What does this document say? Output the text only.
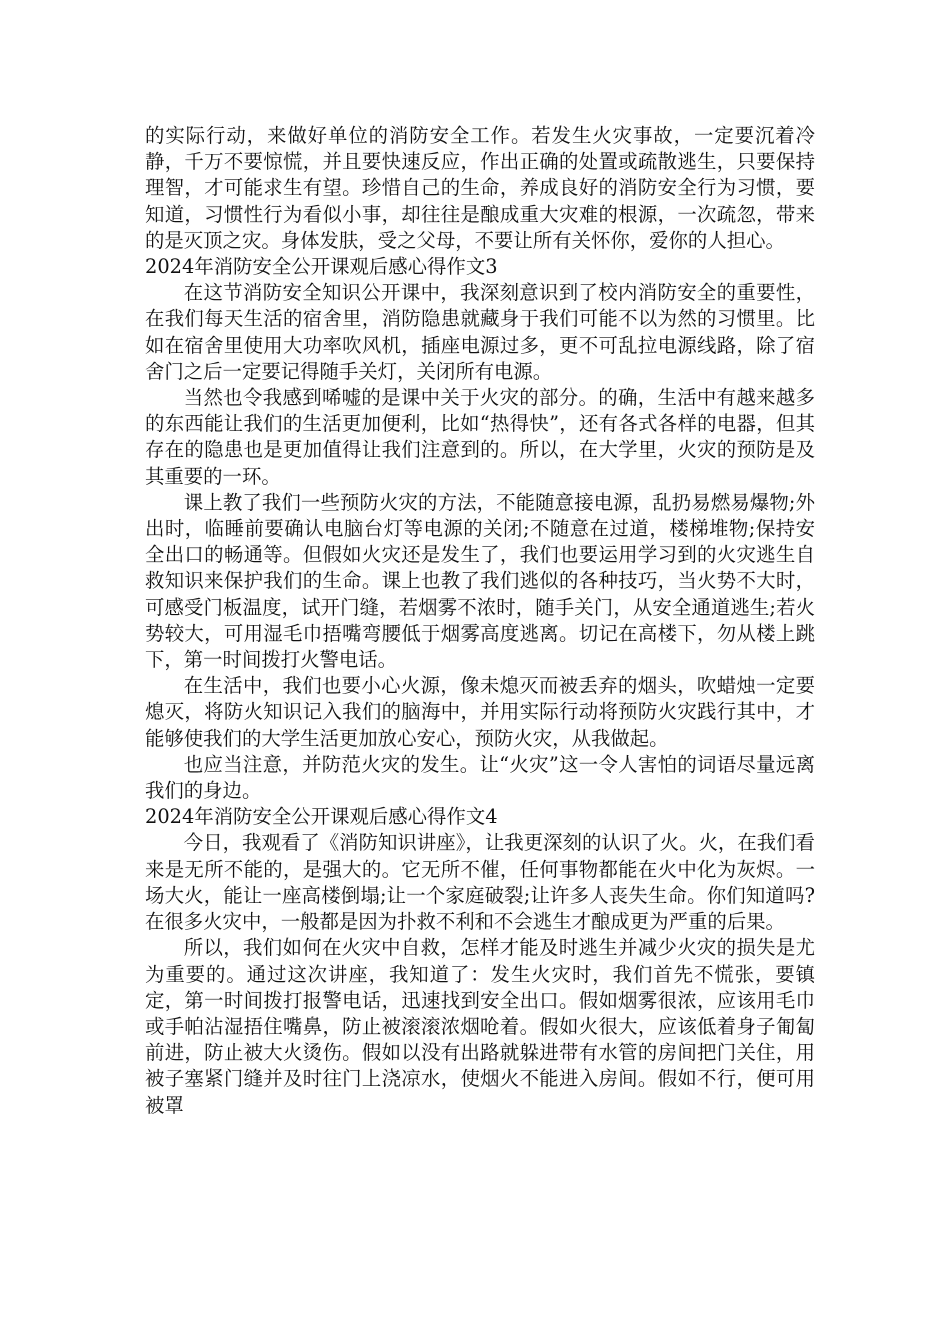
的实际行动，来做好单位的消防安全工作。若发生火灾事故，一定要沉着冷静，千万不要惊慌，并且要快速反应，作出正确的处置或疏散逃生，只要保持理智，才可能求生有望。珍惜自己的生命，养成良好的消防安全行为习惯，要知道，习惯性行为看似小事，却往往是酿成重大灾难的根源，一次疏忽，带来的是灭顶之灾。身体发肤，受之父母，不要让所有关怀你，爱你的人担心。

2024年消防安全公开课观后感心得作文3

在这节消防安全知识公开课中，我深刻意识到了校内消防安全的重要性，在我们每天生活的宿舍里，消防隐患就藏身于我们可能不以为然的习惯里。比如在宿舍里使用大功率吹风机，插座电源过多，更不可乱拉电源线路，除了宿舍门之后一定要记得随手关灯，关闭所有电源。

当然也令我感到唏嘘的是课中关于火灾的部分。的确，生活中有越来越多的东西能让我们的生活更加便利，比如“热得快”，还有各式各样的电器，但其存在的隐患也是更加值得让我们注意到的。所以，在大学里，火灾的预防是及其重要的一环。

课上教了我们一些预防火灾的方法，不能随意接电源，乱扔易燃易爆物;外出时，临睡前要确认电脑台灯等电源的关闭;不随意在过道，楼梯堆物;保持安全出口的畅通等。但假如火灾还是发生了，我们也要运用学习到的火灾逃生自救知识来保护我们的生命。课上也教了我们逃似的各种技巧，当火势不大时，可感受门板温度，试开门缝，若烟雾不浓时，随手关门，从安全通道逃生;若火势较大，可用湿毛巾捂嘴弯腰低于烟雾高度逃离。切记在高楼下，勿从楼上跳下，第一时间拨打火警电话。

在生活中，我们也要小心火源，像未熄灭而被丢弃的烟头，吹蜡烛一定要熄灭，将防火知识记入我们的脑海中，并用实际行动将预防火灾践行其中，才能够使我们的大学生活更加放心安心，预防火灾，从我做起。

也应当注意，并防范火灾的发生。让“火灾”这一令人害怕的词语尽量远离我们的身边。

2024年消防安全公开课观后感心得作文4

今日，我观看了《消防知识讲座》，让我更深刻的认识了火。火，在我们看来是无所不能的，是强大的。它无所不催，任何事物都能在火中化为灰烬。一场大火，能让一座高楼倒塌;让一个家庭破裂;让许多人丧失生命。你们知道吗?在很多火灾中，一般都是因为扑救不利和不会逃生才酿成更为严重的后果。

所以，我们如何在火灾中自救，怎样才能及时逃生并减少火灾的损失是尤为重要的。通过这次讲座，我知道了：发生火灾时，我们首先不慌张，要镇定，第一时间拨打报警电话，迅速找到安全出口。假如烟雾很浓，应该用毛巾或手帕沾湿捂住嘴鼻，防止被滚滚浓烟呛着。假如火很大，应该低着身子匍匐前进，防止被大火烫伤。假如以没有出路就躲进带有水管的房间把门关住，用被子塞紧门缝并及时往门上浇凉水，使烟火不能进入房间。假如不行，便可用被罩
